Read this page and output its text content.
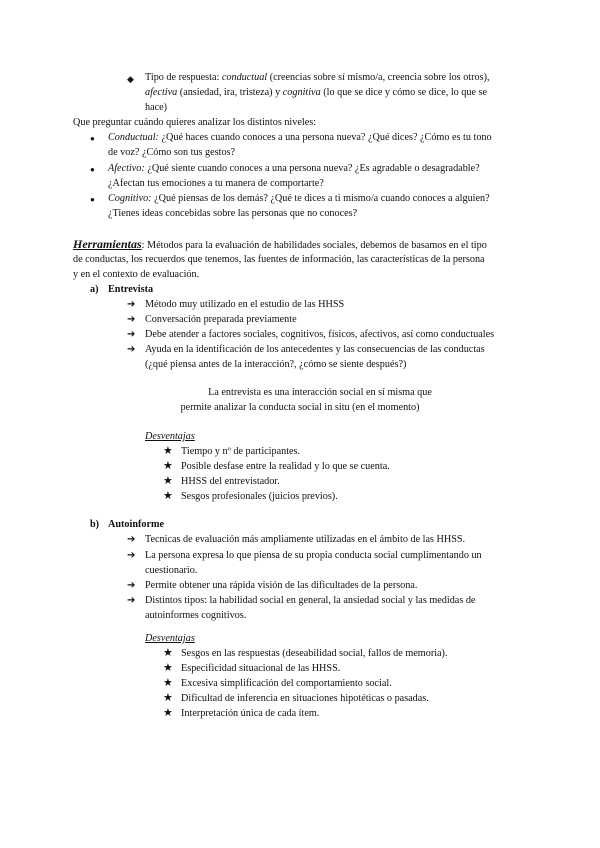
◆ Tipo de respuesta: conductual (creencias sobre sí mismo/a, creencia sobre los otros),
afectiva (ansiedad, ira, tristeza) y cognitiva (lo que se dice y cómo se dice, lo que se
hace)
Que preguntar cuándo quieres analizar los distintos niveles:
● Conductual: ¿Qué haces cuando conoces a una persona nueva? ¿Qué dices? ¿Cómo es tu tono
de voz? ¿Cómo son tus gestos?
● Afectivo: ¿Qué siente cuando conoces a una persona nueva? ¿Es agradable o desagradable?
¿Afectan tus emociones a tu manera de comportarte?
● Cognitivo: ¿Qué piensas de los demás? ¿Qué te dices a ti mismo/a cuando conoces a alguien?
¿Tienes ideas concebidas sobre las personas que no conoces?
Herramientas: Métodos para la evaluación de habilidades sociales, debemos de basamos en el tipo
de conductas, los recuerdos que tenemos, las fuentes de información, las características de la persona
y en el contexto de evaluación.
a) Entrevista
➔ Método muy utilizado en el estudio de las HHSS
➔ Conversación preparada previamente
➔ Debe atender a factores sociales, cognitivos, físicos, afectivos, así como conductuales
➔ Ayuda en la identificación de los antecedentes y las consecuencias de las conductas
(¿qué piensa antes de la interacción?, ¿cómo se siente después?)
La entrevista es una interacción social en sí misma que
permite analizar la conducta social in situ (en el momento)
Desventajas
★ Tiempo y nº de participantes.
★ Posible desfase entre la realidad y lo que se cuenta.
★ HHSS del entrevistador.
★ Sesgos profesionales (juicios previos).
b) Autoinforme
➔ Tecnicas de evaluación más ampliamente utilizadas en el ámbito de las HHSS.
➔ La persona expresa lo que piensa de su propia conducta social cumplimentando un
cuestionario.
➔ Permite obtener una rápida visión de las dificultades de la persona.
➔ Distintos tipos: la habilidad social en general, la ansiedad social y las medidas de
autoinformes cognitivos.
Desventajas
★ Sesgos en las respuestas (deseabilidad social, fallos de memoria).
★ Especificidad situacional de las HHSS.
★ Excesiva simplificación del comportamiento social.
★ Dificultad de inferencia en situaciones hipotéticas o pasadas.
★ Interpretación única de cada ítem.
